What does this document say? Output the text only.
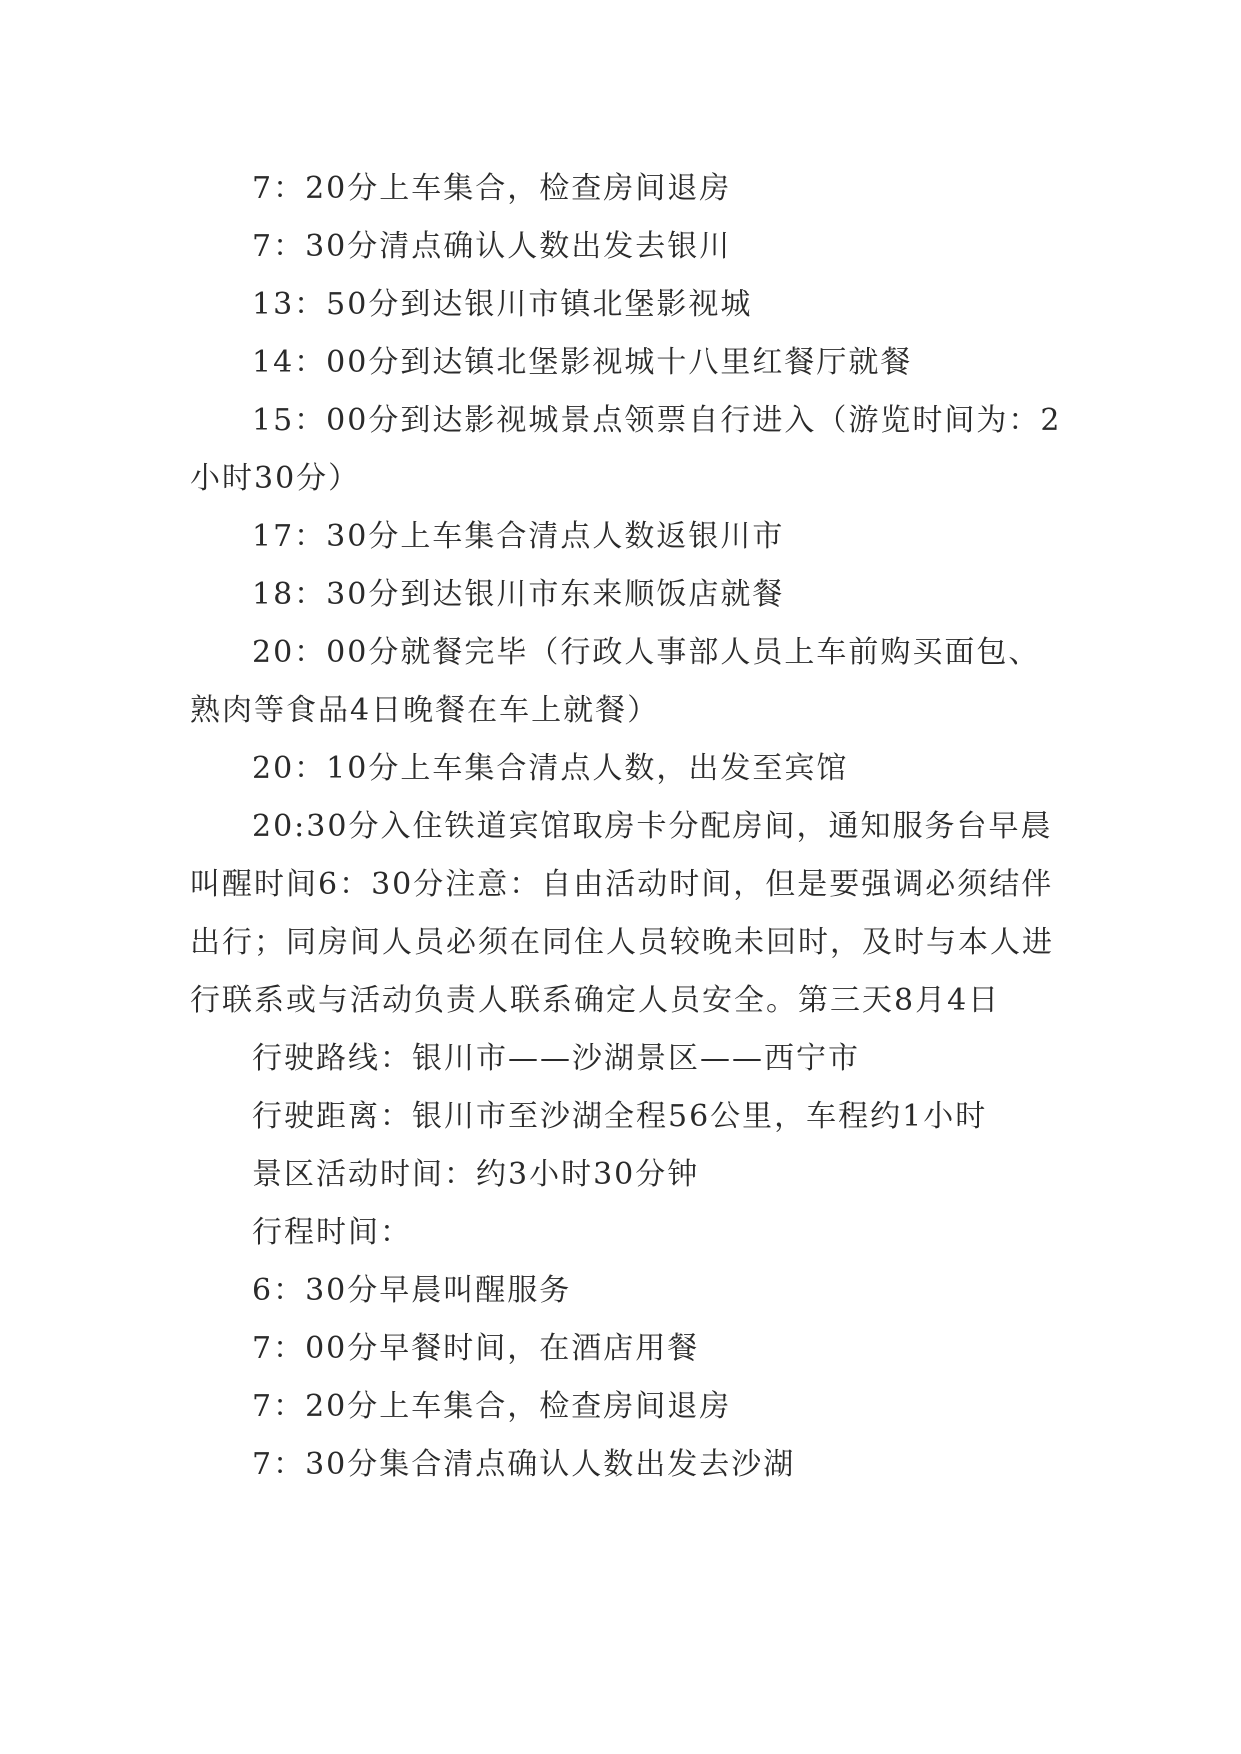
7：20分上车集合，检查房间退房

7：30分清点确认人数出发去银川

13：50分到达银川市镇北堡影视城

14：00分到达镇北堡影视城十八里红餐厅就餐

15：00分到达影视城景点领票自行进入（游览时间为：2小时30分）

17：30分上车集合清点人数返银川市

18：30分到达银川市东来顺饭店就餐

20：00分就餐完毕（行政人事部人员上车前购买面包、熟肉等食品4日晚餐在车上就餐）

20：10分上车集合清点人数，出发至宾馆

20:30分入住铁道宾馆取房卡分配房间，通知服务台早晨叫醒时间6：30分注意：自由活动时间，但是要强调必须结伴出行；同房间人员必须在同住人员较晚未回时，及时与本人进行联系或与活动负责人联系确定人员安全。第三天8月4日

行驶路线：银川市——沙湖景区——西宁市

行驶距离：银川市至沙湖全程56公里，车程约1小时

景区活动时间：约3小时30分钟

行程时间：

6：30分早晨叫醒服务

7：00分早餐时间，在酒店用餐

7：20分上车集合，检查房间退房

7：30分集合清点确认人数出发去沙湖
